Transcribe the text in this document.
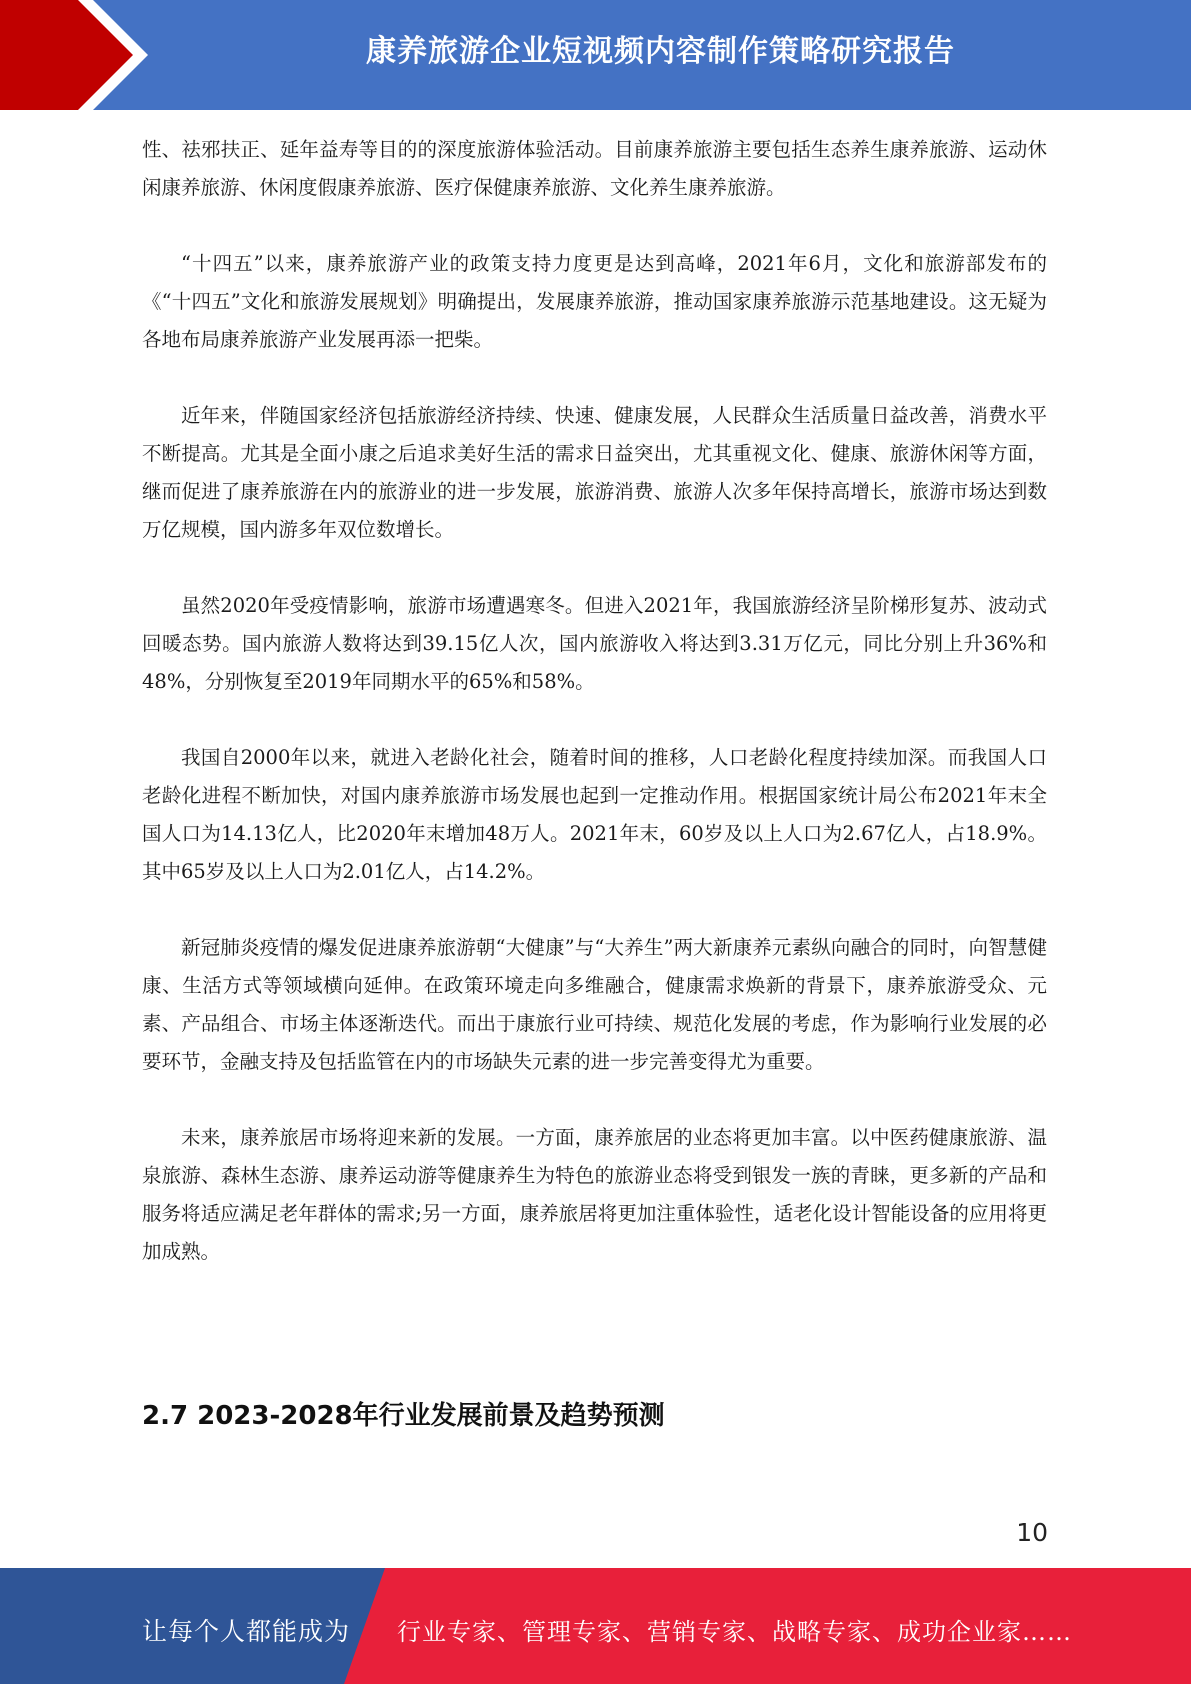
康养旅游企业短视频内容制作策略研究报告

性、祛邪扶正、延年益寿等目的的深度旅游体验活动。目前康养旅游主要包括生态养生康养旅游、运动休闲康养旅游、休闲度假康养旅游、医疗保健康养旅游、文化养生康养旅游。

“十四五”以来，康养旅游产业的政策支持力度更是达到高峰，2021年6月，文化和旅游部发布的《“十四五”文化和旅游发展规划》明确提出，发展康养旅游，推动国家康养旅游示范基地建设。这无疑为各地布局康养旅游产业发展再添一把柴。

近年来，伴随国家经济包括旅游经济持续、快速、健康发展，人民群众生活质量日益改善，消费水平不断提高。尤其是全面小康之后追求美好生活的需求日益突出，尤其重视文化、健康、旅游休闲等方面，继而促进了康养旅游在内的旅游业的进一步发展，旅游消费、旅游人次多年保持高增长，旅游市场达到数万亿规模，国内游多年双位数增长。

虽然2020年受疫情影响，旅游市场遭遇寒冬。但进入2021年，我国旅游经济呈阶梯形复苏、波动式回暖态势。国内旅游人数将达到39.15亿人次，国内旅游收入将达到3.31万亿元，同比分别上升36%和48%，分别恢复至2019年同期水平的65%和58%。

我国自2000年以来，就进入老龄化社会，随着时间的推移，人口老龄化程度持续加深。而我国人口老龄化进程不断加快，对国内康养旅游市场发展也起到一定推动作用。根据国家统计局公布2021年末全国人口为14.13亿人，比2020年末增加48万人。2021年末，60岁及以上人口为2.67亿人，占18.9%。其中65岁及以上人口为2.01亿人，占14.2%。

新冠肺炎疫情的爆发促进康养旅游朝“大健康”与“大养生”两大新康养元素纵向融合的同时，向智慧健康、生活方式等领域横向延伸。在政策环境走向多维融合，健康需求焕新的背景下，康养旅游受众、元素、产品组合、市场主体逐渐迭代。而出于康旅行业可持续、规范化发展的考虑，作为影响行业发展的必要环节，金融支持及包括监管在内的市场缺失元素的进一步完善变得尤为重要。

未来，康养旅居市场将迎来新的发展。一方面，康养旅居的业态将更加丰富。以中医药健康旅游、温泉旅游、森林生态游、康养运动游等健康养生为特色的旅游业态将受到银发一族的青睐，更多新的产品和服务将适应满足老年群体的需求;另一方面，康养旅居将更加注重体验性，适老化设计智能设备的应用将更加成熟。

2.7 2023-2028年行业发展前景及趋势预测
10
让每个人都能成为 行业专家、管理专家、营销专家、战略专家、成功企业家……
